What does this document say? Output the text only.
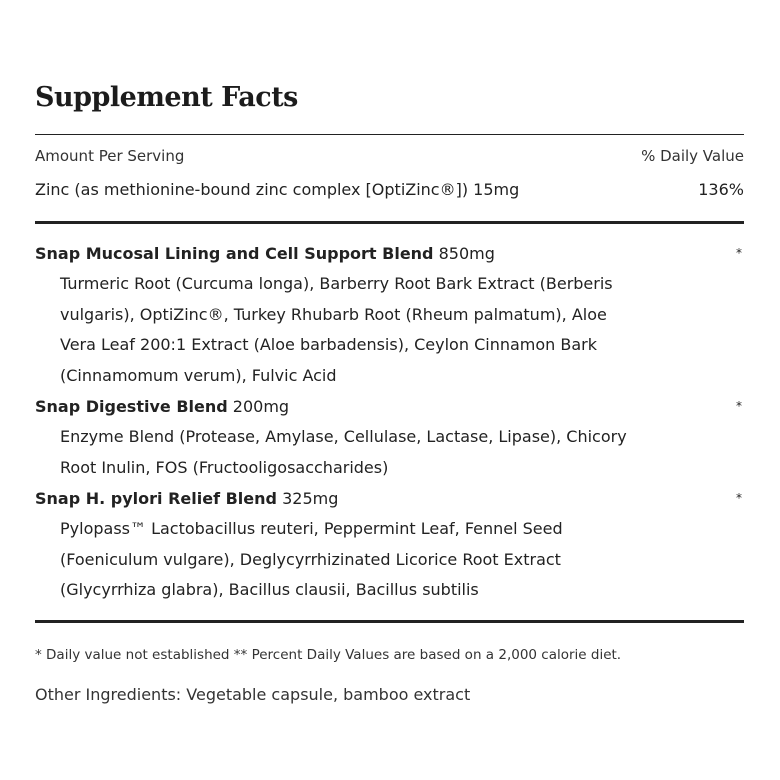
Supplement Facts
Amount Per Serving	% Daily Value
Zinc (as methionine-bound zinc complex [OptiZinc®]) 15mg	136%
Snap Mucosal Lining and Cell Support Blend 850mg	*
Turmeric Root (Curcuma longa), Barberry Root Bark Extract (Berberis vulgaris), OptiZinc®, Turkey Rhubarb Root (Rheum palmatum), Aloe Vera Leaf 200:1 Extract (Aloe barbadensis), Ceylon Cinnamon Bark (Cinnamomum verum), Fulvic Acid
Snap Digestive Blend 200mg	*
Enzyme Blend (Protease, Amylase, Cellulase, Lactase, Lipase), Chicory Root Inulin, FOS (Fructooligosaccharides)
Snap H. pylori Relief Blend 325mg	*
Pylopass™ Lactobacillus reuteri, Peppermint Leaf, Fennel Seed (Foeniculum vulgare), Deglycyrrhizinated Licorice Root Extract (Glycyrrhiza glabra), Bacillus clausii, Bacillus subtilis
* Daily value not established ** Percent Daily Values are based on a 2,000 calorie diet.
Other Ingredients: Vegetable capsule, bamboo extract
